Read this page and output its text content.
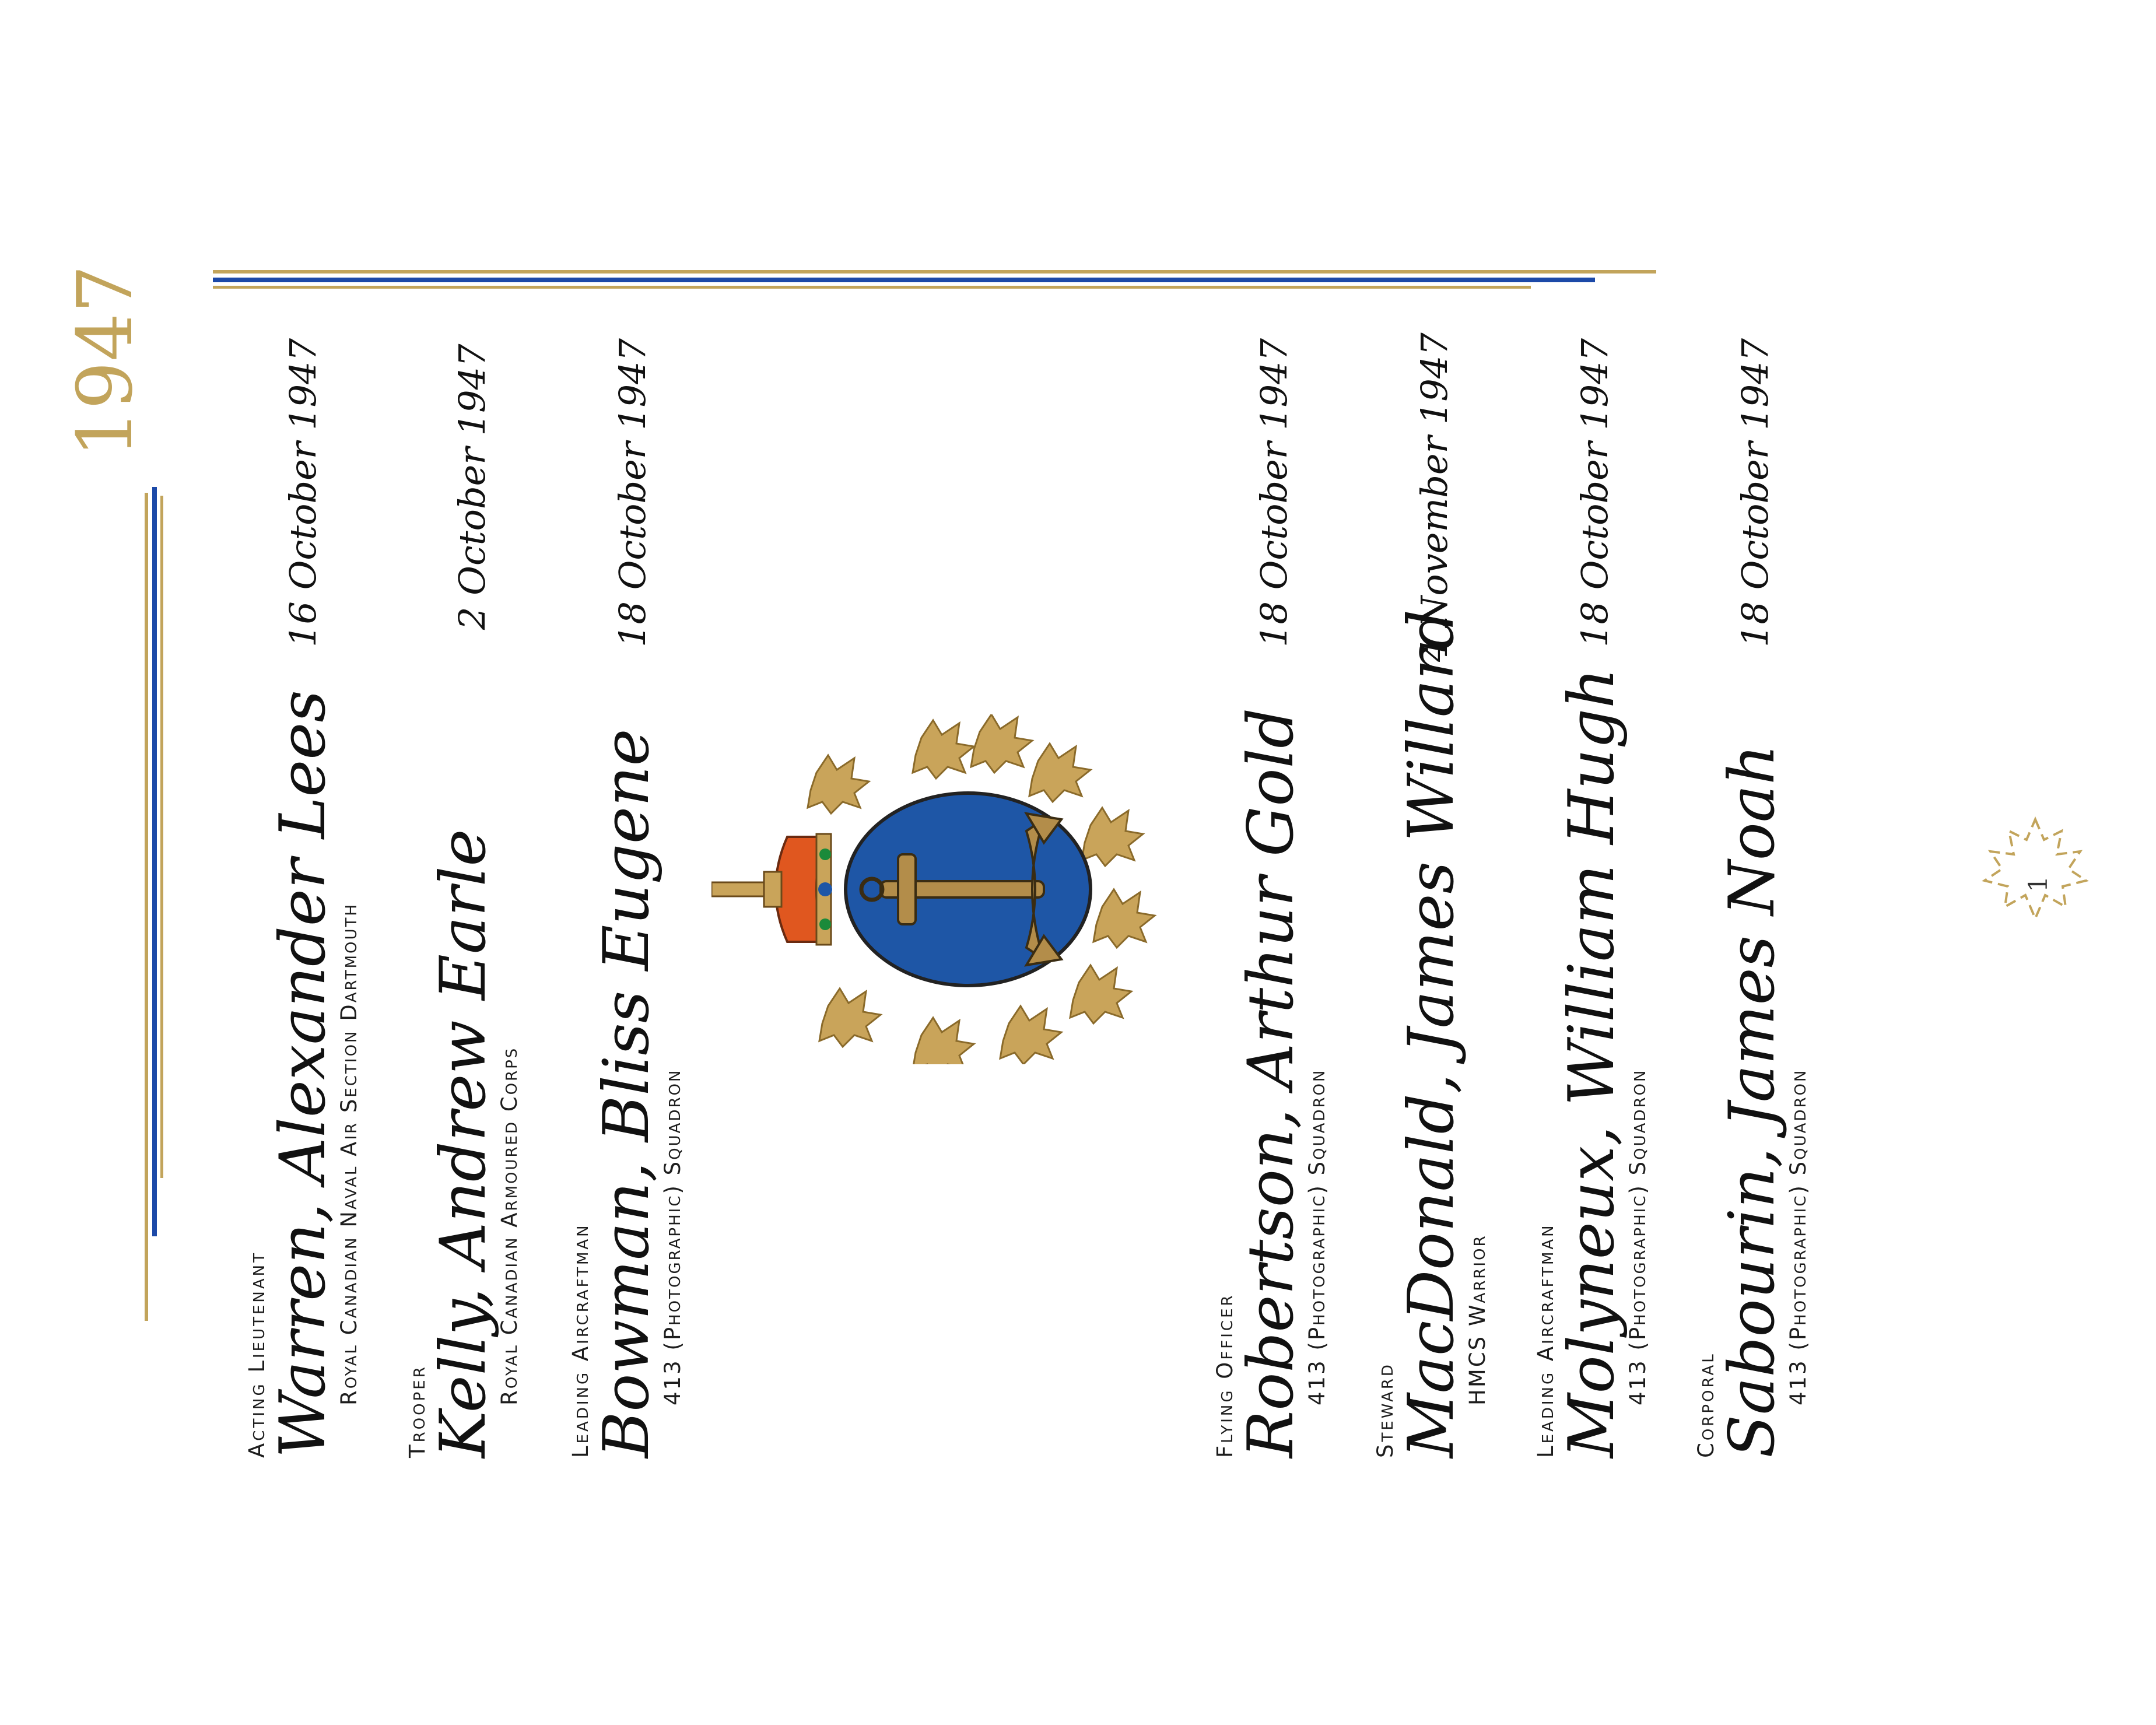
1947
Acting Lieutenant
Warren, Alexander Lees
Royal Canadian Naval Air Section Dartmouth
16 October 1947
Trooper
Kelly, Andrew Earle
Royal Canadian Armoured Corps
2 October 1947
Leading Aircraftman
Bowman, Bliss Eugene
413 (Photographic) Squadron
18 October 1947
Flying Officer
Robertson, Arthur Gold
413 (Photographic) Squadron
18 October 1947
Steward
MacDonald, James Willard
HMCS Warrior
4 November 1947
Leading Aircraftman
Molyneux, William Hugh
413 (Photographic) Squadron
18 October 1947
Corporal
Sabourin, James Noah
413 (Photographic) Squadron
18 October 1947
1
